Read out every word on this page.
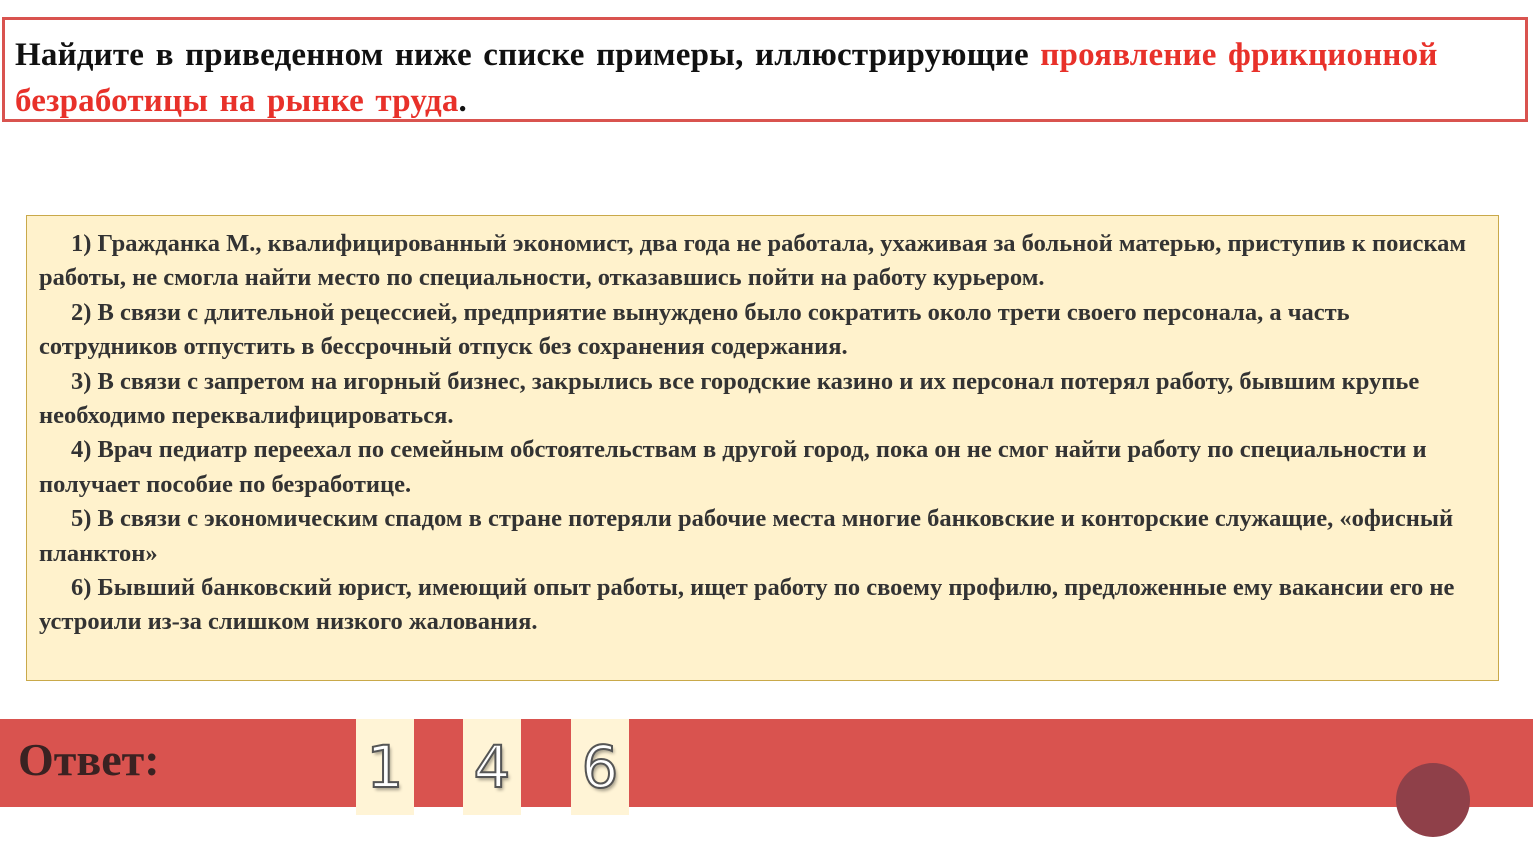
Найдите в приведенном ниже списке примеры, иллюстрирующие проявление фрикционной безработицы на рынке труда.

1) Гражданка М., квалифицированный экономист, два года не работала, ухаживая за больной матерью, приступив к поискам работы, не смогла найти место по специальности, отказавшись пойти на работу курьером.

2) В связи с длительной рецессией, предприятие вынуждено было сократить около трети своего персонала, а часть сотрудников отпустить в бессрочный отпуск без сохранения содержания.

3) В связи с запретом на игорный бизнес, закрылись все городские казино и их персонал потерял работу, бывшим крупье необходимо переквалифицироваться.

4) Врач педиатр переехал по семейным обстоятельствам в другой город, пока он не смог найти работу по специальности и получает пособие по безработице.

5) В связи с экономическим спадом в стране потеряли рабочие места многие банковские и конторские служащие, «офисный планктон»

6) Бывший банковский юрист, имеющий опыт работы, ищет работу по своему профилю, предложенные ему вакансии его не устроили из-за слишком низкого жалования.

Ответ:	1 4 6
